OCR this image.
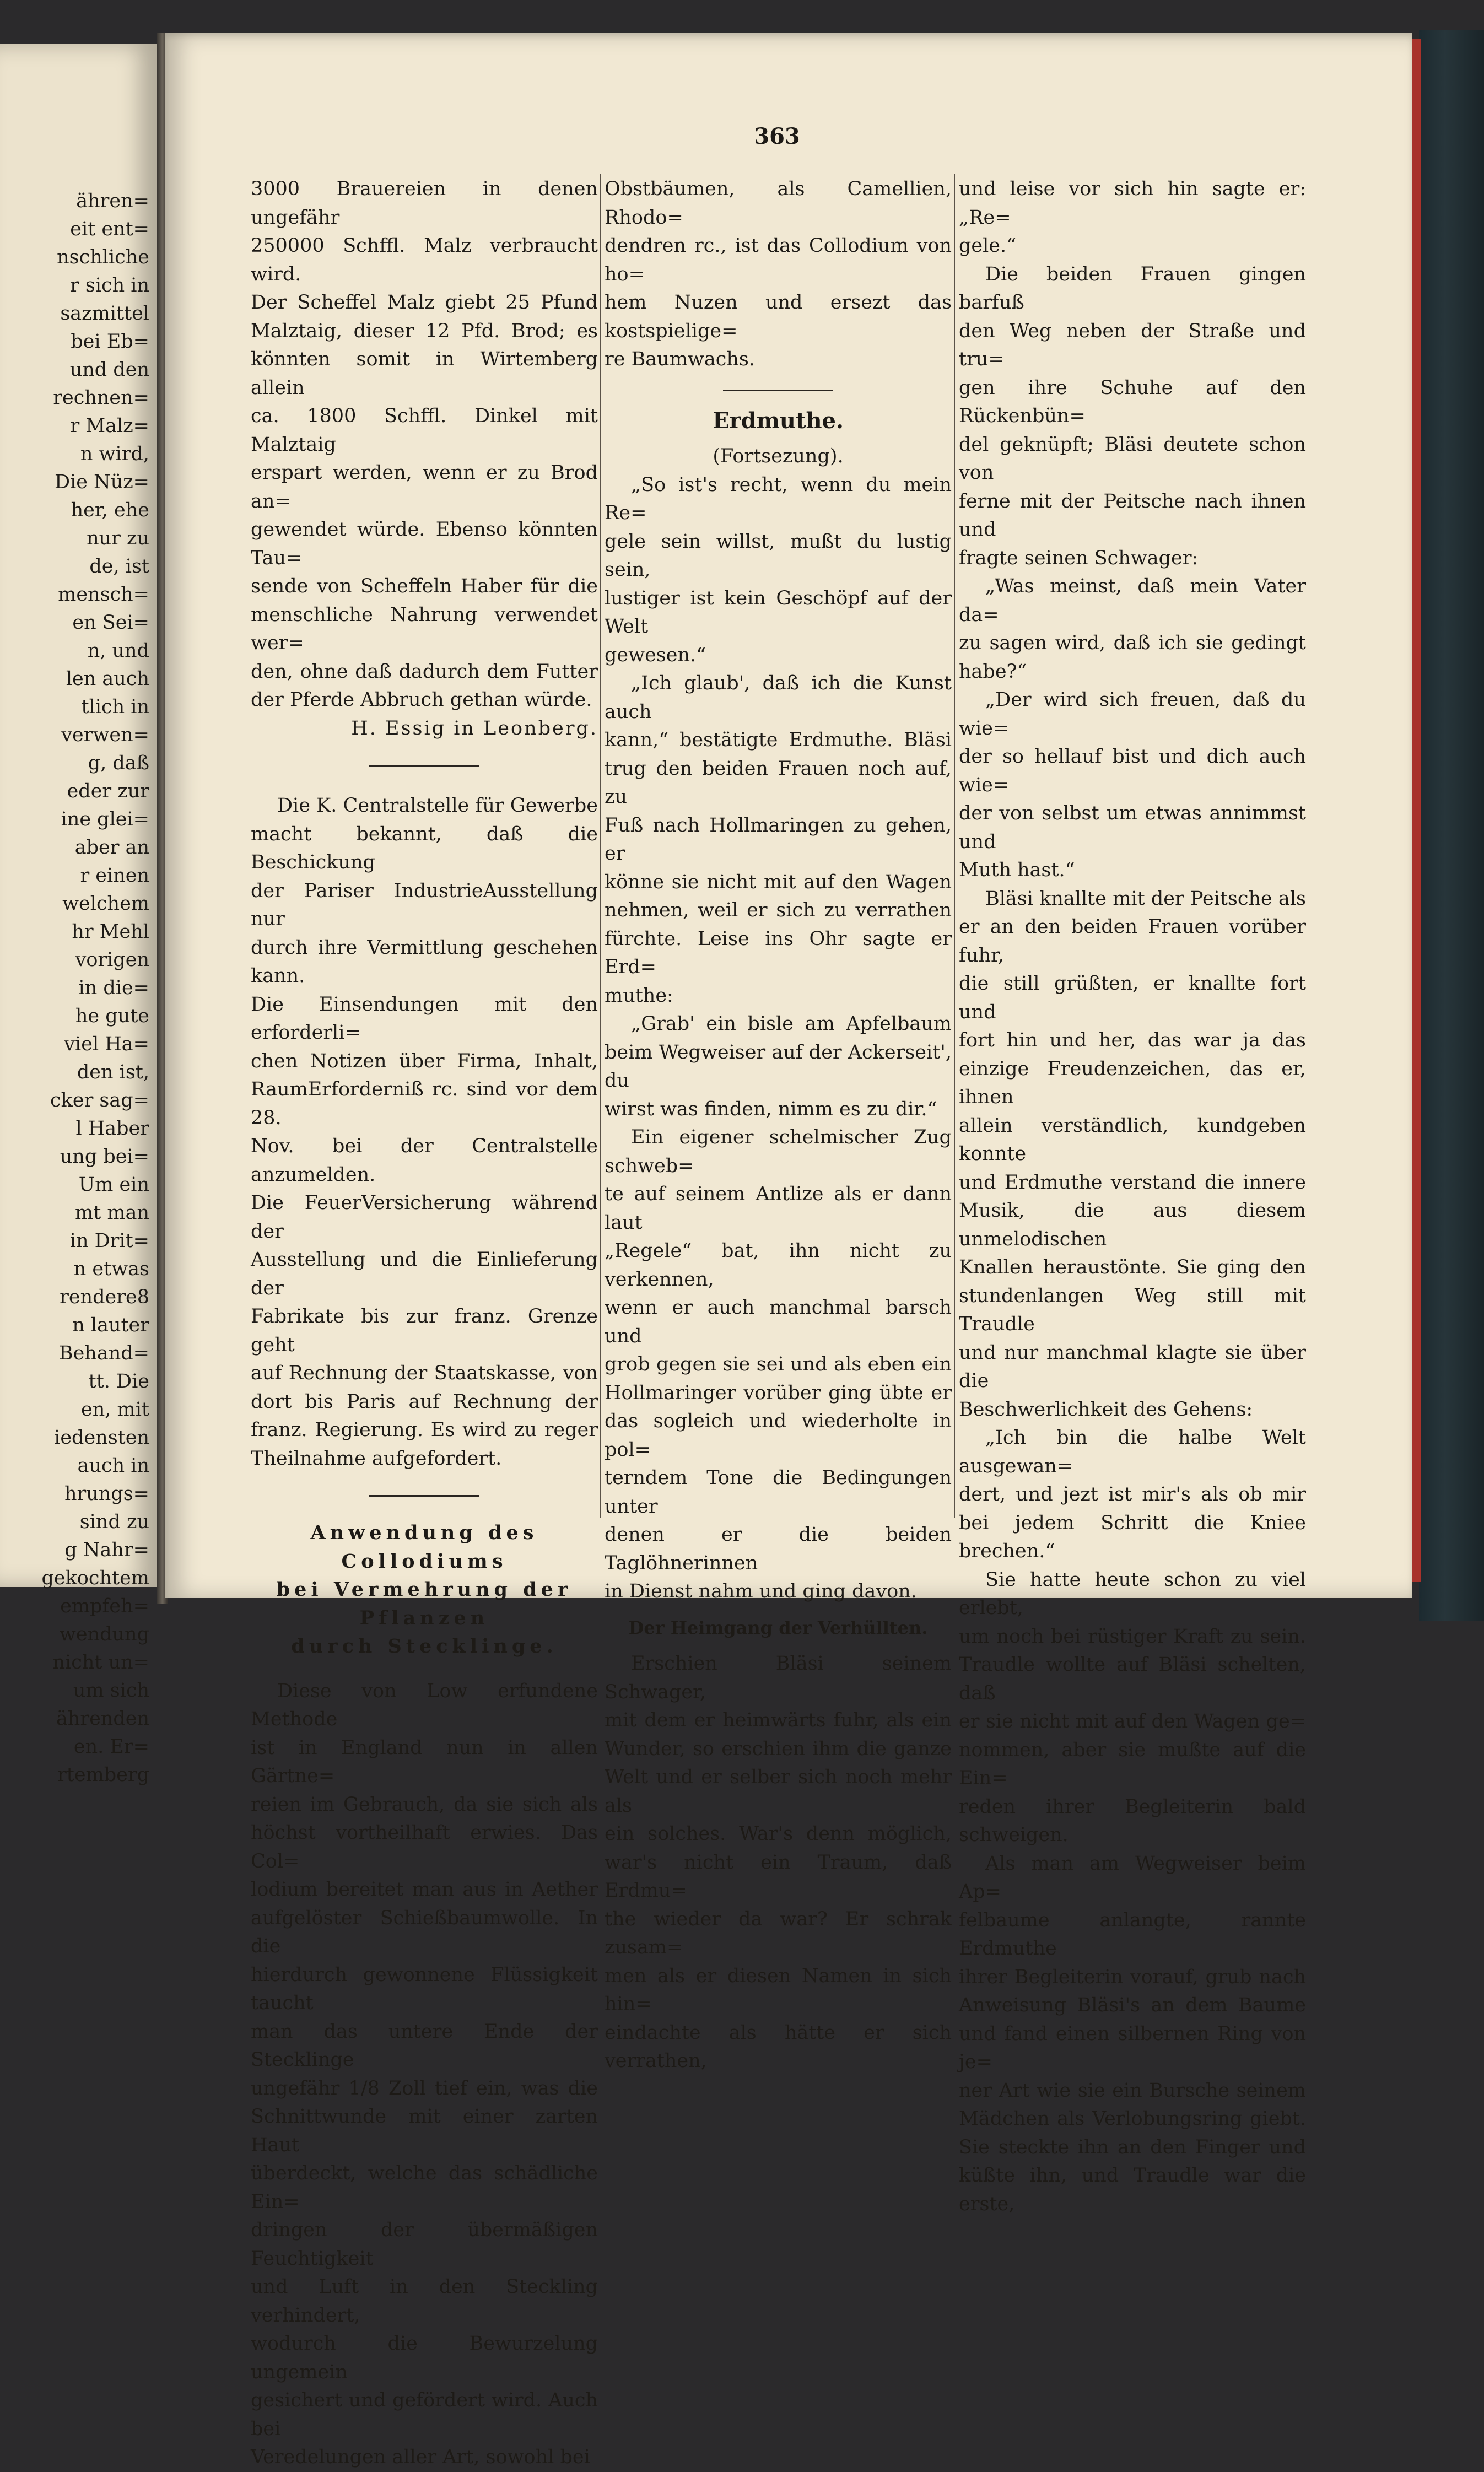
ähren=
eit ent=
nschliche
r sich in
sazmittel
bei Eb=
und den
rechnen=
r Malz=
n wird,
Die Nüz=
her, ehe
nur zu
de, ist
mensch=
en Sei=
n, und
len auch
tlich in
verwen=
g, daß
eder zur
ine glei=
aber an
r einen
welchem
hr Mehl
vorigen
in die=
he gute
viel Ha=
den ist,
cker sag=
l Haber
ung bei=
Um ein
mt man
in Drit=
n etwas
rendere8
n lauter
Behand=
tt. Die
en, mit
iedensten
auch in
hrungs=
sind zu
g Nahr=
gekochtem
empfeh=
wendung
nicht un=
um sich
ährenden
en. Er=
rtemberg
363

3000 Brauereien in denen ungefähr

250000 Schffl. Malz verbraucht wird.

Der Scheffel Malz giebt 25 Pfund

Malztaig, dieser 12 Pfd. Brod; es

könnten somit in Wirtemberg allein

ca. 1800 Schffl. Dinkel mit Malztaig

erspart werden, wenn er zu Brod an=

gewendet würde. Ebenso könnten Tau=

sende von Scheffeln Haber für die

menschliche Nahrung verwendet wer=

den, ohne daß dadurch dem Futter

der Pferde Abbruch gethan würde.

H. Essig in Leonberg.

Die K. Centralstelle für Gewerbe

macht bekannt, daß die Beschickung

der Pariser IndustrieAusstellung nur

durch ihre Vermittlung geschehen kann.

Die Einsendungen mit den erforderli=

chen Notizen über Firma, Inhalt,

RaumErforderniß rc. sind vor dem 28.

Nov. bei der Centralstelle anzumelden.

Die FeuerVersicherung während der

Ausstellung und die Einlieferung der

Fabrikate bis zur franz. Grenze geht

auf Rechnung der Staatskasse, von

dort bis Paris auf Rechnung der

franz. Regierung. Es wird zu reger

Theilnahme aufgefordert.

Anwendung des Collodiums

bei Vermehrung der Pflanzen

durch Stecklinge.

Diese von Low erfundene Methode

ist in England nun in allen Gärtne=

reien im Gebrauch, da sie sich als

höchst vortheilhaft erwies. Das Col=

lodium bereitet man aus in Aether

aufgelöster Schießbaumwolle. In die

hierdurch gewonnene Flüssigkeit taucht

man das untere Ende der Stecklinge

ungefähr 1/8 Zoll tief ein, was die

Schnittwunde mit einer zarten Haut

überdeckt, welche das schädliche Ein=

dringen der übermäßigen Feuchtigkeit

und Luft in den Steckling verhindert,

wodurch die Bewurzelung ungemein

gesichert und gefördert wird. Auch bei

Veredelungen aller Art, sowohl bei

Obstbäumen, als Camellien, Rhodo=

dendren rc., ist das Collodium von ho=

hem Nuzen und ersezt das kostspielige=

re Baumwachs.

Erdmuthe.

(Fortsezung).

„So ist's recht, wenn du mein Re=

gele sein willst, mußt du lustig sein,

lustiger ist kein Geschöpf auf der Welt

gewesen.“

„Ich glaub', daß ich die Kunst auch

kann,“ bestätigte Erdmuthe. Bläsi

trug den beiden Frauen noch auf, zu

Fuß nach Hollmaringen zu gehen, er

könne sie nicht mit auf den Wagen

nehmen, weil er sich zu verrathen

fürchte. Leise ins Ohr sagte er Erd=

muthe:

„Grab' ein bisle am Apfelbaum

beim Wegweiser auf der Ackerseit', du

wirst was finden, nimm es zu dir.“

Ein eigener schelmischer Zug schweb=

te auf seinem Antlize als er dann laut

„Regele“ bat, ihn nicht zu verkennen,

wenn er auch manchmal barsch und

grob gegen sie sei und als eben ein

Hollmaringer vorüber ging übte er

das sogleich und wiederholte in pol=

terndem Tone die Bedingungen unter

denen er die beiden Taglöhnerinnen

in Dienst nahm und ging davon.

Der Heimgang der Verhüllten.

Erschien Bläsi seinem Schwager,

mit dem er heimwärts fuhr, als ein

Wunder, so erschien ihm die ganze

Welt und er selber sich noch mehr als

ein solches. War's denn möglich,

war's nicht ein Traum, daß Erdmu=

the wieder da war? Er schrak zusam=

men als er diesen Namen in sich hin=

eindachte als hätte er sich verrathen,

und leise vor sich hin sagte er: „Re=

gele.“

Die beiden Frauen gingen barfuß

den Weg neben der Straße und tru=

gen ihre Schuhe auf den Rückenbün=

del geknüpft; Bläsi deutete schon von

ferne mit der Peitsche nach ihnen und

fragte seinen Schwager:

„Was meinst, daß mein Vater da=

zu sagen wird, daß ich sie gedingt

habe?“

„Der wird sich freuen, daß du wie=

der so hellauf bist und dich auch wie=

der von selbst um etwas annimmst und

Muth hast.“

Bläsi knallte mit der Peitsche als

er an den beiden Frauen vorüber fuhr,

die still grüßten, er knallte fort und

fort hin und her, das war ja das

einzige Freudenzeichen, das er, ihnen

allein verständlich, kundgeben konnte

und Erdmuthe verstand die innere

Musik, die aus diesem unmelodischen

Knallen heraustönte. Sie ging den

stundenlangen Weg still mit Traudle

und nur manchmal klagte sie über die

Beschwerlichkeit des Gehens:

„Ich bin die halbe Welt ausgewan=

dert, und jezt ist mir's als ob mir

bei jedem Schritt die Kniee brechen.“

Sie hatte heute schon zu viel erlebt,

um noch bei rüstiger Kraft zu sein.

Traudle wollte auf Bläsi schelten, daß

er sie nicht mit auf den Wagen ge=

nommen, aber sie mußte auf die Ein=

reden ihrer Begleiterin bald schweigen.

Als man am Wegweiser beim Ap=

felbaume anlangte, rannte Erdmuthe

ihrer Begleiterin vorauf, grub nach

Anweisung Bläsi's an dem Baume

und fand einen silbernen Ring von je=

ner Art wie sie ein Bursche seinem

Mädchen als Verlobungsring giebt.

Sie steckte ihn an den Finger und

küßte ihn, und Traudle war die erste,
